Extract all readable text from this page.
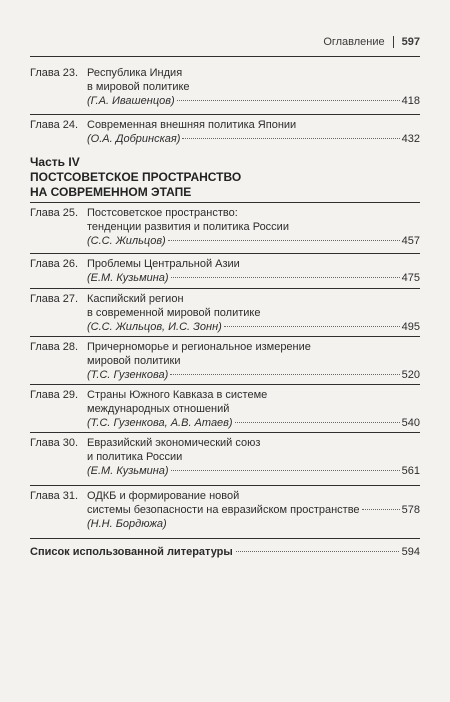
Оглавление 597
Глава 23. Республика Индия
в мировой политике
(Г.А. Ивашенцов)	418
Глава 24. Современная внешняя политика Японии
(О.А. Добринская)	432
Часть IV
ПОСТСОВЕТСКОЕ ПРОСТРАНСТВО
НА СОВРЕМЕННОМ ЭТАПЕ
Глава 25. Постсоветское пространство:
тенденции развития и политика России
(С.С. Жильцов)	457
Глава 26. Проблемы Центральной Азии
(Е.М. Кузьмина)	475
Глава 27. Каспийский регион
в современной мировой политике
(С.С. Жильцов, И.С. Зонн)	495
Глава 28. Причерноморье и региональное измерение
мировой политики
(Т.С. Гузенкова)	520
Глава 29. Страны Южного Кавказа в системе
международных отношений
(Т.С. Гузенкова, А.В. Атаев)	540
Глава 30. Евразийский экономический союз
и политика России
(Е.М. Кузьмина)	561
Глава 31. ОДКБ и формирование новой
системы безопасности на евразийском пространстве	578
(Н.Н. Бордюжа)
Список использованной литературы	594
